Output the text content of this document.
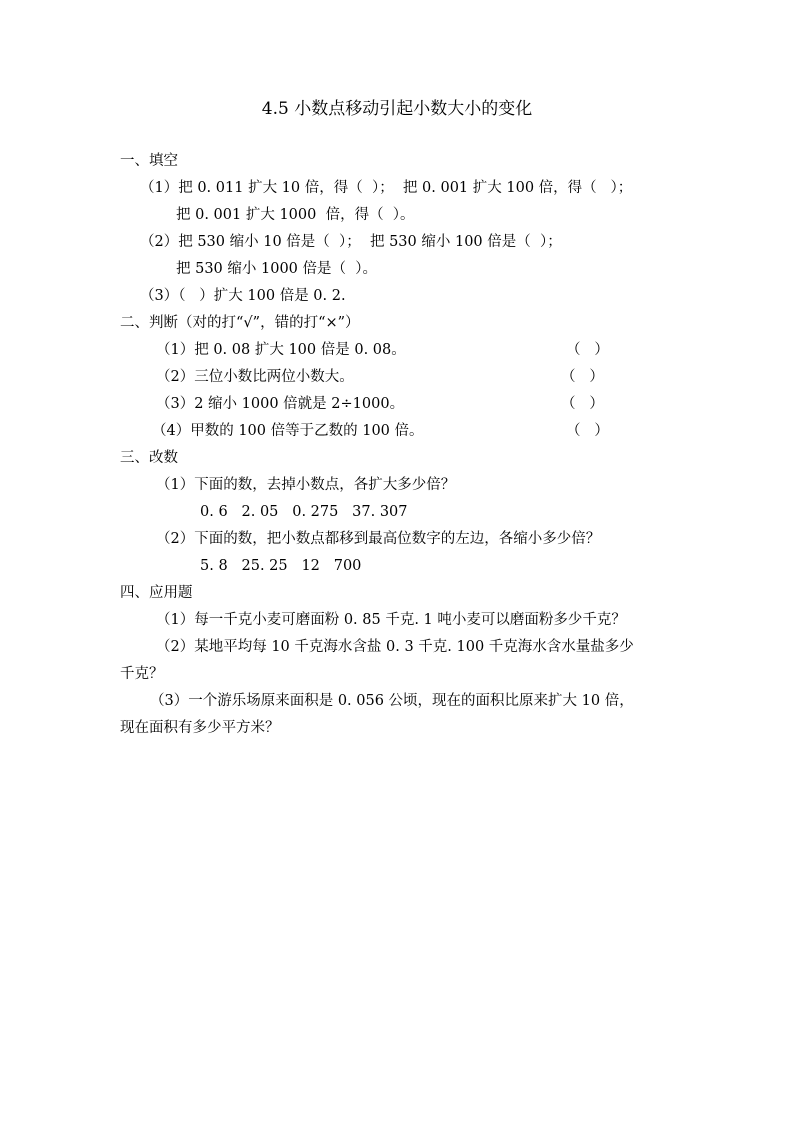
4.5 小数点移动引起小数大小的变化
一、填空
（1）把 0. 011 扩大 10 倍，得（  ）；  把 0. 001 扩大 100 倍，得（   ）；
把 0. 001 扩大 1000  倍，得（  ）。
（2）把 530 缩小 10 倍是（  ）；  把 530 缩小 100 倍是（  ）；
把 530 缩小 1000 倍是（  ）。
（3）（   ）扩大 100 倍是 0. 2.
二、判断（对的打“√”，错的打“×”）
（1）把 0. 08 扩大 100 倍是 0. 08。	（   ）
（2）三位小数比两位小数大。	（   ）
（3）2 缩小 1000 倍就是 2÷1000。	（   ）
（4）甲数的 100 倍等于乙数的 100 倍。	（   ）
三、改数
（1）下面的数，去掉小数点，各扩大多少倍？
0. 6   2. 05   0. 275   37. 307
（2）下面的数，把小数点都移到最高位数字的左边，各缩小多少倍？
5. 8   25. 25   12   700
四、应用题
（1）每一千克小麦可磨面粉 0. 85 千克. 1 吨小麦可以磨面粉多少千克？
（2）某地平均每 10 千克海水含盐 0. 3 千克. 100 千克海水含水量盐多少
千克？
（3）一个游乐场原来面积是 0. 056 公顷，现在的面积比原来扩大 10 倍，
现在面积有多少平方米？
